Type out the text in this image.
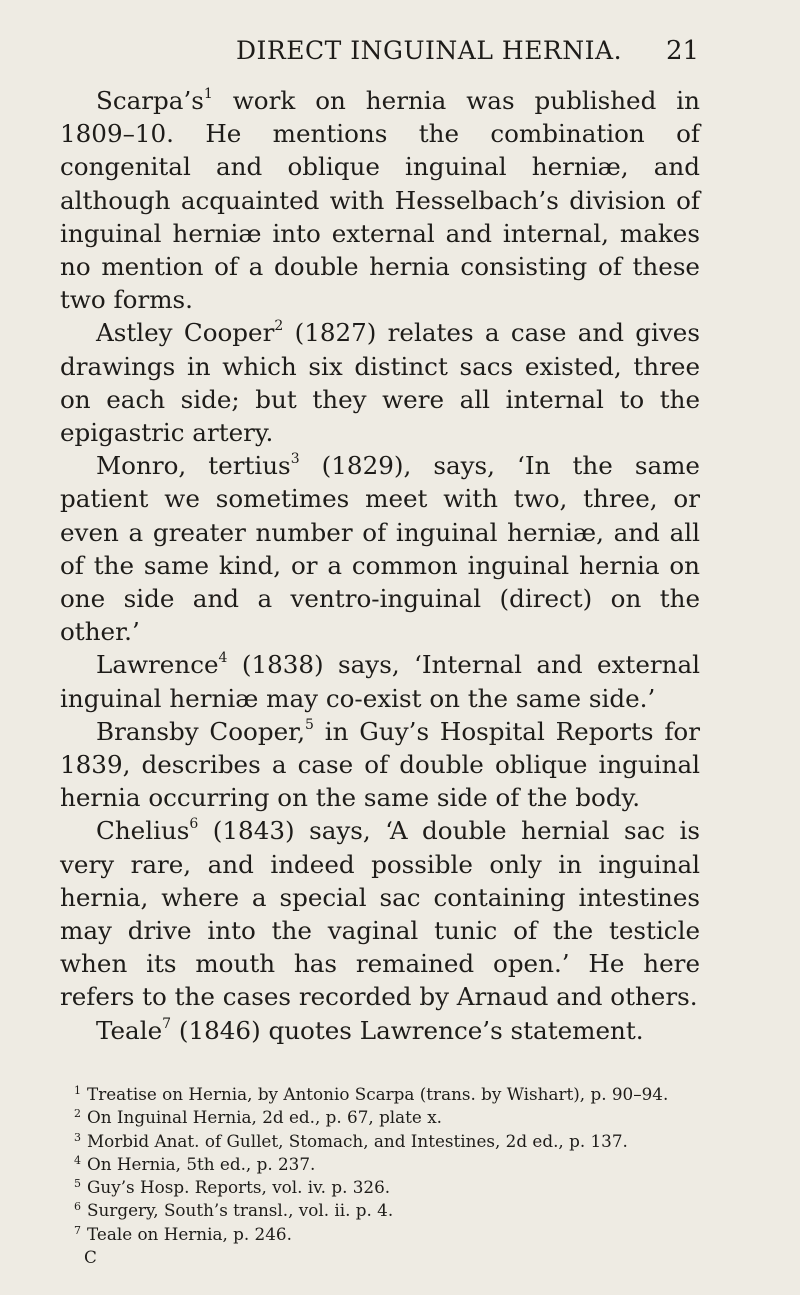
DIRECT INGUINAL HERNIA. 21

$Scarpa’s^1$ work on hernia was published in 1809–10. He mentions the combination of congenital and oblique inguinal herniæ, and although acquainted with Hesselbach’s division of inguinal herniæ into external and internal, makes no mention of a double hernia consisting of these two forms.

Astley Cooper$^2$ (1827) relates a case and gives drawings in which six distinct sacs existed, three on each side; but they were all internal to the epigastric artery.

Monro, tertius$^3$ (1829), says, ‘In the same patient we sometimes meet with two, three, or even a greater number of inguinal herniæ, and all of the same kind, or a common inguinal hernia on one side and a ventro-inguinal (direct) on the other.’

Lawrence$^4$ (1838) says, ‘Internal and external inguinal herniæ may co-exist on the same side.’

Bransby Cooper,$^5$ in Guy’s Hospital Reports for 1839, describes a case of double oblique inguinal hernia occurring on the same side of the body.

Chelius$^6$ (1843) says, ‘A double hernial sac is very rare, and indeed possible only in inguinal hernia, where a special sac containing intestines may drive into the vaginal tunic of the testicle when its mouth has remained open.’ He here refers to the cases recorded by Arnaud and others.

Teale$^7$ (1846) quotes Lawrence’s statement.

$^1$ Treatise on Hernia, by Antonio Scarpa (trans. by Wishart), p. 90–94.

$^2$ On Inguinal Hernia, 2d ed., p. 67, plate x.

$^3$ Morbid Anat. of Gullet, Stomach, and Intestines, 2d ed., p. 137.

$^4$ On Hernia, 5th ed., p. 237.

$^5$ Guy’s Hosp. Reports, vol. iv. p. 326.

$^6$ Surgery, South’s transl., vol. ii. p. 4.

$^7$ Teale on Hernia, p. 246.

C
